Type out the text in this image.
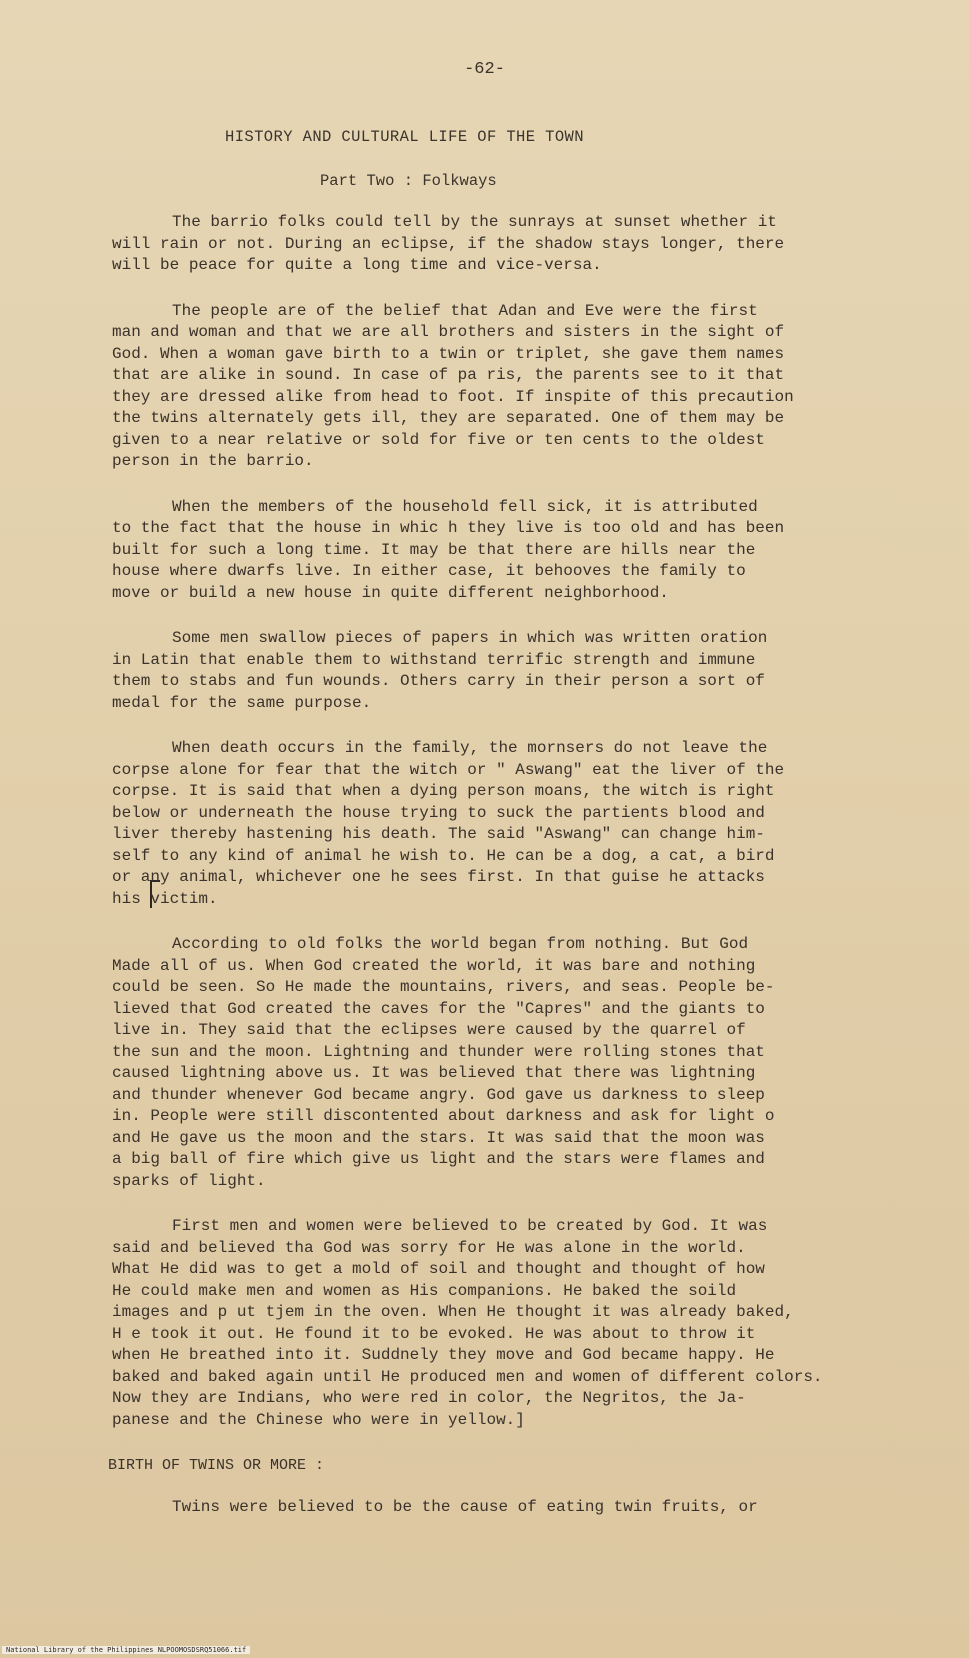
-62-
HISTORY AND CULTURAL LIFE OF THE TOWN
Part Two : Folkways

The barrio folks could tell by the sunrays at sunset whether it
will rain or not. During an eclipse, if the shadow stays longer, there
will be peace for quite a long time and vice-versa.

The people are of the belief that Adan and Eve were the first
man and woman and that we are all brothers and sisters in the sight of
God. When a woman gave birth to a twin or triplet, she gave them names
that are alike in sound. In case of pa ris, the parents see to it that
they are dressed alike from head to foot. If inspite of this precaution
the twins alternately gets ill, they are separated. One of them may be
given to a near relative or sold for five or ten cents to the oldest
person in the barrio.

When the members of the household fell sick, it is attributed
to the fact that the house in whic h they live is too old and has been
built for such a long time. It may be that there are hills near the
house where dwarfs live. In either case, it behooves the family to
move or build a new house in quite different neighborhood.

Some men swallow pieces of papers in which was written oration
in Latin that enable them to withstand terrific strength and immune
them to stabs and fun wounds. Others carry in their person a sort of
medal for the same purpose.

When death occurs in the family, the mornsers do not leave the
corpse alone for fear that the witch or " Aswang" eat the liver of the
corpse. It is said that when a dying person moans, the witch is right
below or underneath the house trying to suck the partients blood and
liver thereby hastening his death. The said "Aswang" can change him-
self to any kind of animal he wish to. He can be a dog, a cat, a bird
or any animal, whichever one he sees first. In that guise he attacks
his victim.

According to old folks the world began from nothing. But God
Made all of us. When God created the world, it was bare and nothing
could be seen. So He made the mountains, rivers, and seas. People be-
lieved that God created the caves for the "Capres" and the giants to
live in. They said that the eclipses were caused by the quarrel of
the sun and the moon. Lightning and thunder were rolling stones that
caused lightning above us. It was believed that there was lightning
and thunder whenever God became angry. God gave us darkness to sleep
in. People were still discontented about darkness and ask for light o
and He gave us the moon and the stars. It was said that the moon was
a big ball of fire which give us light and the stars were flames and
sparks of light.

First men and women were believed to be created by God. It was
said and believed tha God was sorry for He was alone in the world.
What He did was to get a mold of soil and thought and thought of how
He could make men and women as His companions. He baked the soild
images and p ut tjem in the oven. When He thought it was already baked,
H e took it out. He found it to be evoked. He was about to throw it
when He breathed into it. Suddnely they move and God became happy. He
baked and baked again until He produced men and women of different colors.
Now they are Indians, who were red in color, the Negritos, the Ja-
panese and the Chinese who were in yellow.]

BIRTH OF TWINS OR MORE :

Twins were believed to be the cause of eating twin fruits, or

National Library of the Philippines NLPOOMOSDSRQ51066.tif
